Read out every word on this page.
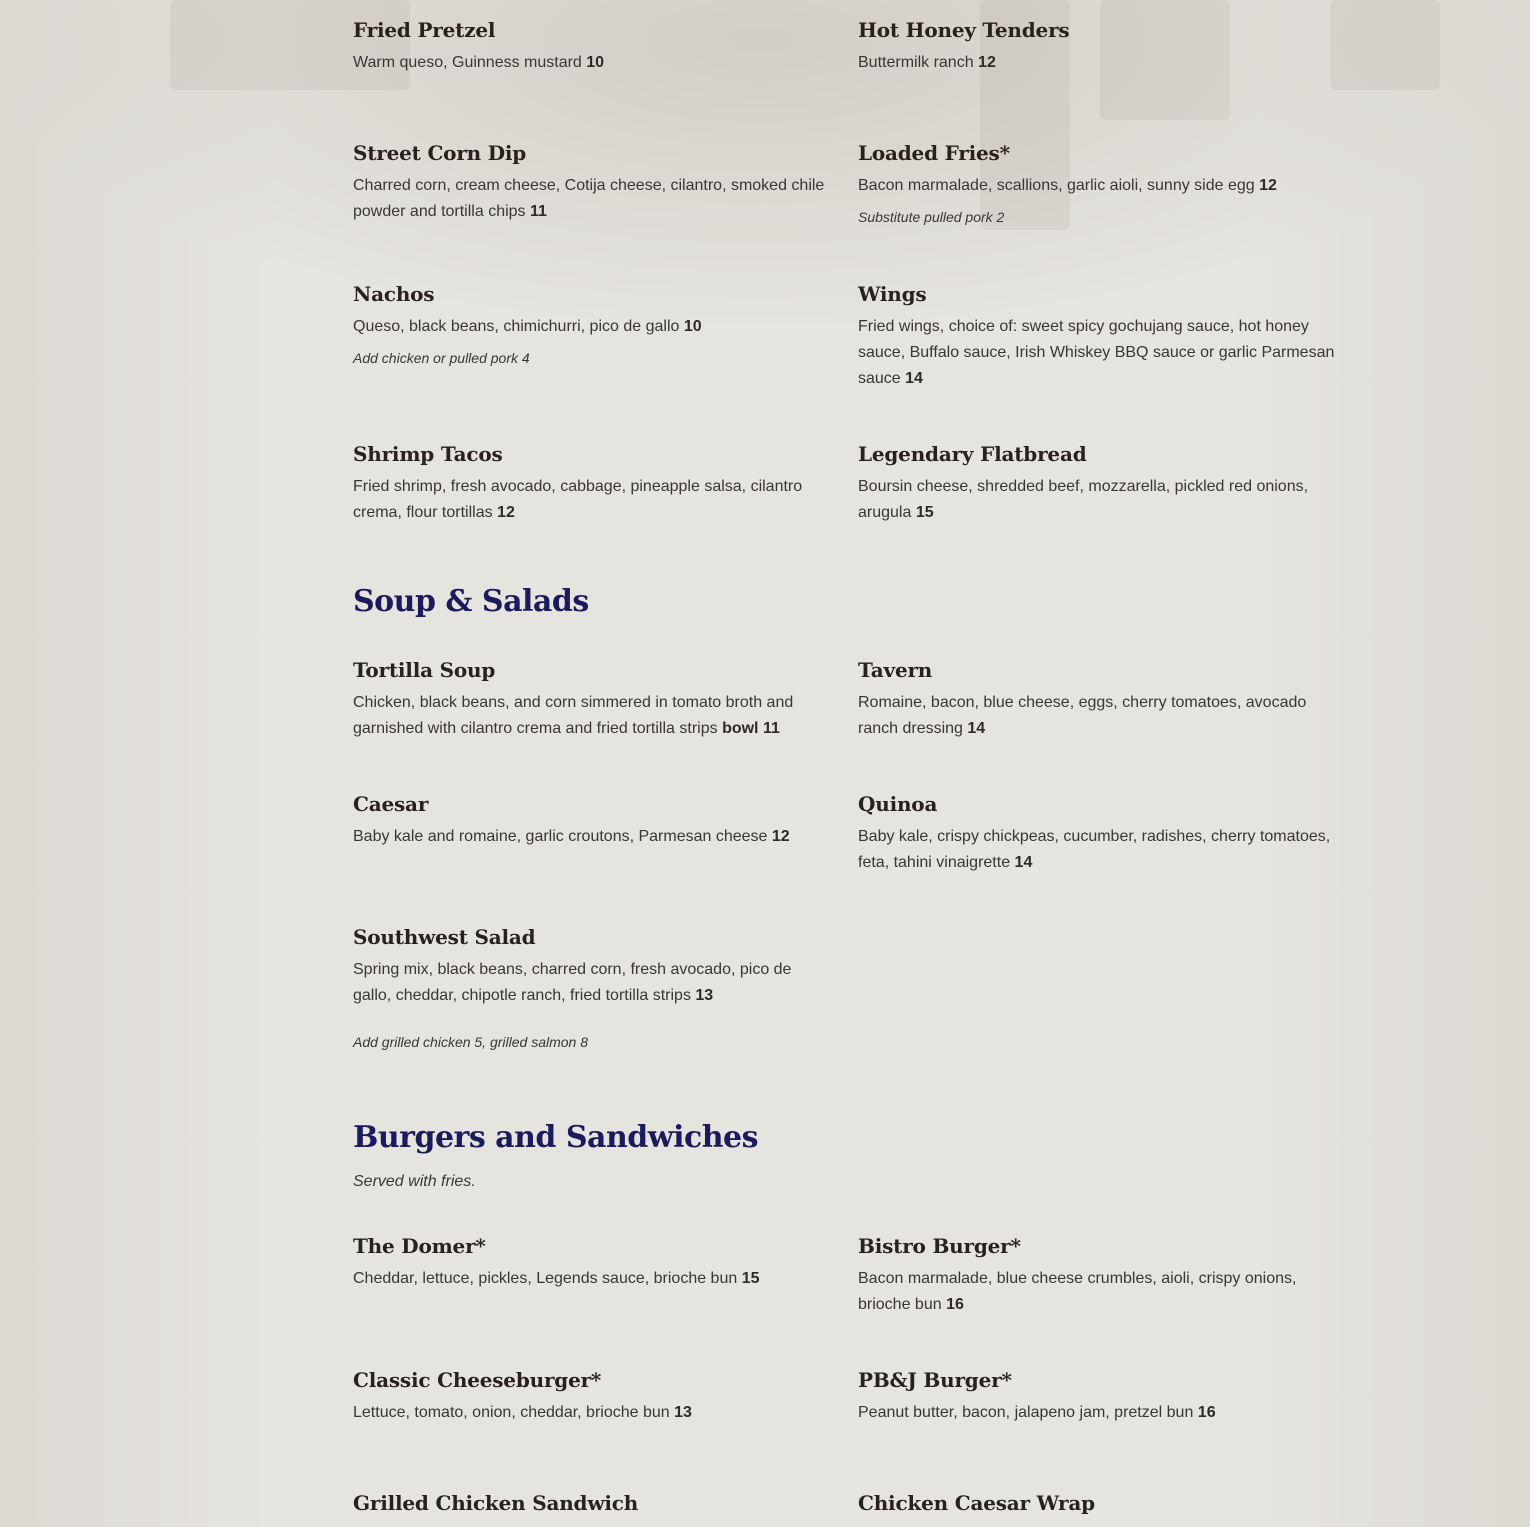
Fried Pretzel
Warm queso, Guinness mustard 10
Hot Honey Tenders
Buttermilk ranch 12
Street Corn Dip
Charred corn, cream cheese, Cotija cheese, cilantro, smoked chile powder and tortilla chips 11
Loaded Fries*
Bacon marmalade, scallions, garlic aioli, sunny side egg 12
Substitute pulled pork 2
Nachos
Queso, black beans, chimichurri, pico de gallo 10
Add chicken or pulled pork 4
Wings
Fried wings, choice of: sweet spicy gochujang sauce, hot honey sauce, Buffalo sauce, Irish Whiskey BBQ sauce or garlic Parmesan sauce 14
Shrimp Tacos
Fried shrimp, fresh avocado, cabbage, pineapple salsa, cilantro crema, flour tortillas 12
Legendary Flatbread
Boursin cheese, shredded beef, mozzarella, pickled red onions, arugula 15
Soup & Salads
Tortilla Soup
Chicken, black beans, and corn simmered in tomato broth and garnished with cilantro crema and fried tortilla strips bowl 11
Tavern
Romaine, bacon, blue cheese, eggs, cherry tomatoes, avocado ranch dressing 14
Caesar
Baby kale and romaine, garlic croutons, Parmesan cheese 12
Quinoa
Baby kale, crispy chickpeas, cucumber, radishes, cherry tomatoes, feta, tahini vinaigrette 14
Southwest Salad
Spring mix, black beans, charred corn, fresh avocado, pico de gallo, cheddar, chipotle ranch, fried tortilla strips 13
Add grilled chicken 5, grilled salmon 8
Burgers and Sandwiches
Served with fries.
The Domer*
Cheddar, lettuce, pickles, Legends sauce, brioche bun 15
Bistro Burger*
Bacon marmalade, blue cheese crumbles, aioli, crispy onions, brioche bun 16
Classic Cheeseburger*
Lettuce, tomato, onion, cheddar, brioche bun 13
PB&J Burger*
Peanut butter, bacon, jalapeno jam, pretzel bun 16
Grilled Chicken Sandwich	Chicken Caesar Wrap
